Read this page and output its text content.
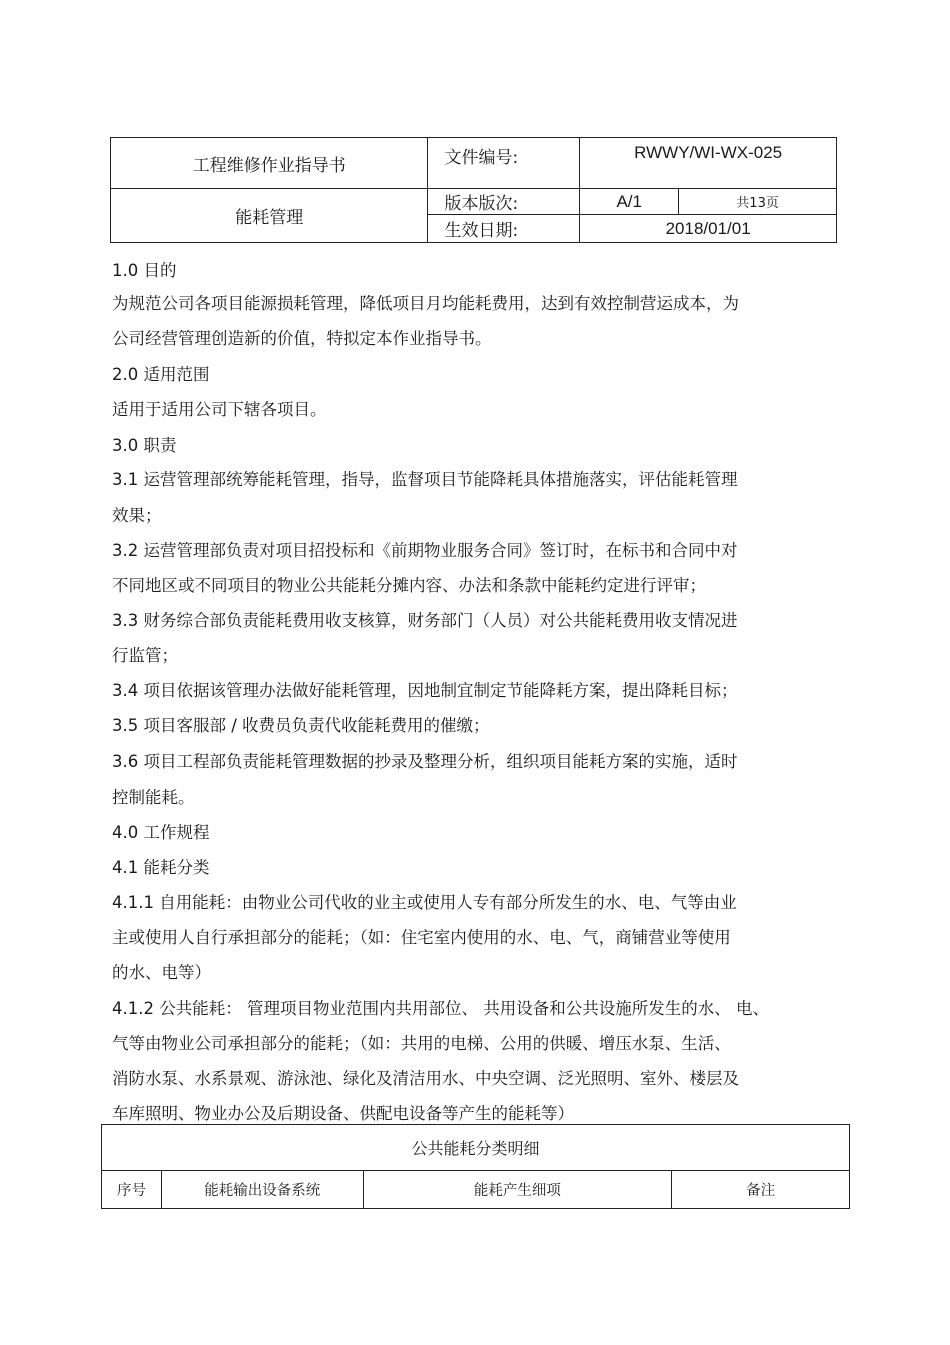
工程维修作业指导书	文件编号:	RWWY/WI-WX-025	
能耗管理	版本版次:	A/1	共13页
	生效日期:	2018/01/01	
1.0 目的
为规范公司各项目能源损耗管理，降低项目月均能耗费用，达到有效控制营运成本，为
公司经营管理创造新的价值，特拟定本作业指导书。
2.0 适用范围
适用于适用公司下辖各项目。
3.0 职责
3.1 运营管理部统筹能耗管理，指导，监督项目节能降耗具体措施落实，评估能耗管理
效果；
3.2 运营管理部负责对项目招投标和《前期物业服务合同》签订时，在标书和合同中对
不同地区或不同项目的物业公共能耗分摊内容、办法和条款中能耗约定进行评审；
3.3 财务综合部负责能耗费用收支核算，财务部门（人员）对公共能耗费用收支情况进
行监管；
3.4 项目依据该管理办法做好能耗管理，因地制宜制定节能降耗方案，提出降耗目标；
3.5 项目客服部 / 收费员负责代收能耗费用的催缴；
3.6 项目工程部负责能耗管理数据的抄录及整理分析，组织项目能耗方案的实施，适时
控制能耗。
4.0 工作规程
4.1 能耗分类
4.1.1 自用能耗：由物业公司代收的业主或使用人专有部分所发生的水、电、气等由业
主或使用人自行承担部分的能耗；（如：住宅室内使用的水、电、气，商铺营业等使用
的水、电等）
4.1.2 公共能耗： 管理项目物业范围内共用部位、 共用设备和公共设施所发生的水、 电、
气等由物业公司承担部分的能耗；（如：共用的电梯、公用的供暖、增压水泵、生活、
消防水泵、水系景观、游泳池、绿化及清洁用水、中央空调、泛光照明、室外、楼层及
车库照明、物业办公及后期设备、供配电设备等产生的能耗等）
公共能耗分类明细
序号	能耗输出设备系统	能耗产生细项	备注
